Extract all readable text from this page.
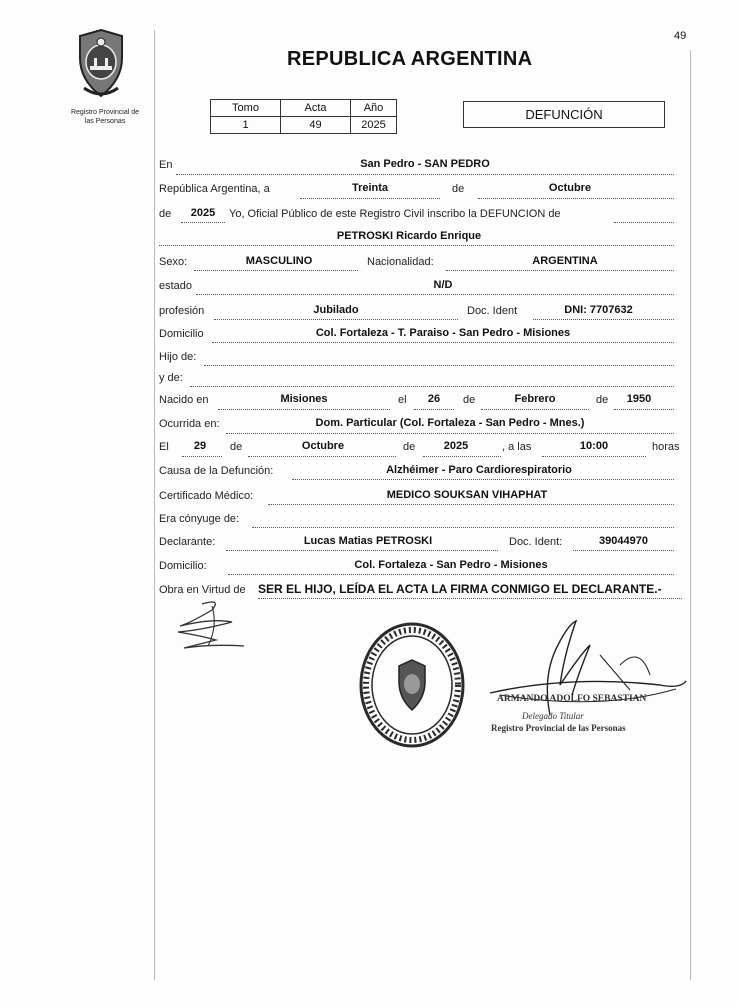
49
Registro Provincial de
las Personas
REPUBLICA ARGENTINA
Tomo	Acta	Año
1	49	2025
DEFUNCIÓN
En	San Pedro - SAN PEDRO
República Argentina, a	Treinta	de	Octubre
de	2025	Yo, Oficial Público de este Registro Civil inscribo la DEFUNCION de
PETROSKI Ricardo Enrique
Sexo:	MASCULINO	Nacionalidad:	ARGENTINA
estado	N/D
profesión	Jubilado	Doc. Ident	DNI: 7707632
Domicilio	Col. Fortaleza - T. Paraiso - San Pedro - Misiones
Hijo de:
y de:
Nacido en	Misiones	el	26	de	Febrero	de	1950
Ocurrida en:	Dom. Particular (Col. Fortaleza - San Pedro - Mnes.)
El	29	de	Octubre	de	2025	, a las	10:00	horas
Causa de la Defunción:	Alzhéimer - Paro Cardiorespiratorio
Certificado Médico:	MEDICO SOUKSAN VIHAPHAT
Era cónyuge de:
Declarante:	Lucas Matias PETROSKI	Doc. Ident:	39044970
Domicilio:	Col. Fortaleza - San Pedro - Misiones
Obra en Virtud de SER EL HIJO, LEÍDA EL ACTA LA FIRMA CONMIGO EL DECLARANTE.-
ARMANDO ADOLFO SEBASTIAN
Delegado Titular
Registro Provincial de las Personas
